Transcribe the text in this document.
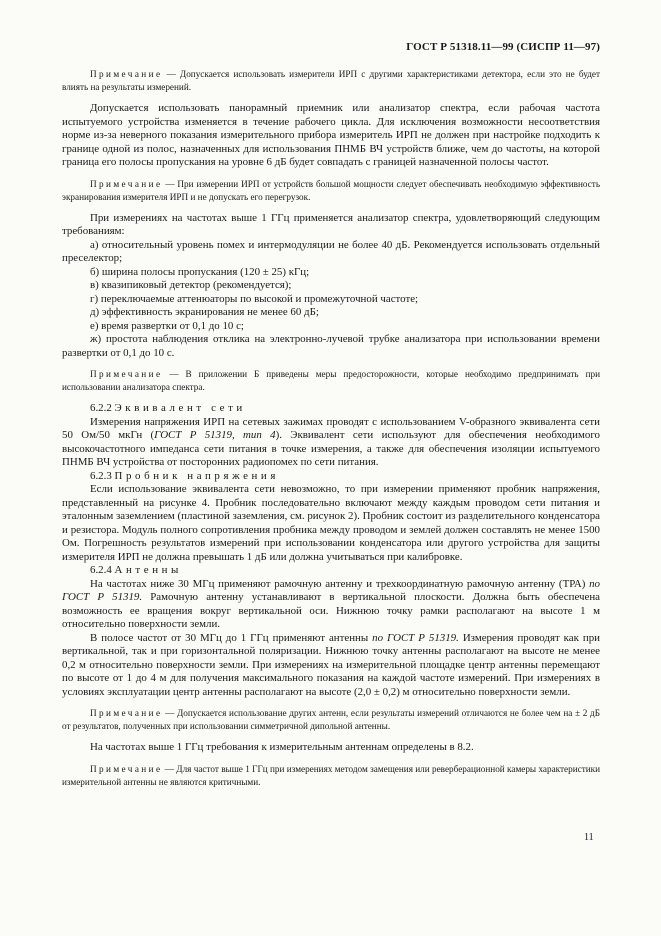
ГОСТ Р 51318.11—99 (СИСПР 11—97)

Примечание — Допускается использовать измерители ИРП с другими характеристиками детектора, если это не будет влиять на результаты измерений.

Допускается использовать панорамный приемник или анализатор спектра, если рабочая частота испытуемого устройства изменяется в течение рабочего цикла. Для исключения возможности несоответствия норме из-за неверного показания измерительного прибора измеритель ИРП не должен при настройке подходить к границе одной из полос, назначенных для использования ПНМБ ВЧ устройств ближе, чем до частоты, на которой граница его полосы пропускания на уровне 6 дБ будет совпадать с границей назначенной полосы частот.

Примечание — При измерении ИРП от устройств большой мощности следует обеспечивать необходимую эффективность экранирования измерителя ИРП и не допускать его перегрузок.

При измерениях на частотах выше 1 ГГц применяется анализатор спектра, удовлетворяющий следующим требованиям:

а) относительный уровень помех и интермодуляции не более 40 дБ. Рекомендуется использовать отдельный преселектор;

б) ширина полосы пропускания (120 ± 25) кГц;

в) квазипиковый детектор (рекомендуется);

г) переключаемые аттенюаторы по высокой и промежуточной частоте;

д) эффективность экранирования не менее 60 дБ;

е) время развертки от 0,1 до 10 с;

ж) простота наблюдения отклика на электронно-лучевой трубке анализатора при использовании времени развертки от 0,1 до 10 с.

Примечание — В приложении Б приведены меры предосторожности, которые необходимо предпринимать при использовании анализатора спектра.

6.2.2 Эквивалент сети

Измерения напряжения ИРП на сетевых зажимах проводят с использованием V-образного эквивалента сети 50 Ом/50 мкГн (ГОСТ Р 51319, тип 4). Эквивалент сети используют для обеспечения необходимого высокочастотного импеданса сети питания в точке измерения, а также для обеспечения изоляции испытуемого ПНМБ ВЧ устройства от посторонних радиопомех по сети питания.

6.2.3 Пробник напряжения

Если использование эквивалента сети невозможно, то при измерении применяют пробник напряжения, представленный на рисунке 4. Пробник последовательно включают между каждым проводом сети питания и эталонным заземлением (пластиной заземления, см. рисунок 2). Пробник состоит из разделительного конденсатора и резистора. Модуль полного сопротивления пробника между проводом и землей должен составлять не менее 1500 Ом. Погрешность результатов измерений при использовании конденсатора или другого устройства для защиты измерителя ИРП не должна превышать 1 дБ или должна учитываться при калибровке.

6.2.4 Антенны

На частотах ниже 30 МГц применяют рамочную антенну и трехкоординатную рамочную антенну (ТРА) по ГОСТ Р 51319. Рамочную антенну устанавливают в вертикальной плоскости. Должна быть обеспечена возможность ее вращения вокруг вертикальной оси. Нижнюю точку рамки располагают на высоте 1 м относительно поверхности земли.

В полосе частот от 30 МГц до 1 ГГц применяют антенны по ГОСТ Р 51319. Измерения проводят как при вертикальной, так и при горизонтальной поляризации. Нижнюю точку антенны располагают на высоте не менее 0,2 м относительно поверхности земли. При измерениях на измерительной площадке центр антенны перемещают по высоте от 1 до 4 м для получения максимального показания на каждой частоте измерений. При измерениях в условиях эксплуатации центр антенны располагают на высоте (2,0 ± 0,2) м относительно поверхности земли.

Примечание — Допускается использование других антенн, если результаты измерений отличаются не более чем на ± 2 дБ от результатов, полученных при использовании симметричной дипольной антенны.

На частотах выше 1 ГГц требования к измерительным антеннам определены в 8.2.

Примечание — Для частот выше 1 ГГц при измерениях методом замещения или реверберационной камеры характеристики измерительной антенны не являются критичными.

11
